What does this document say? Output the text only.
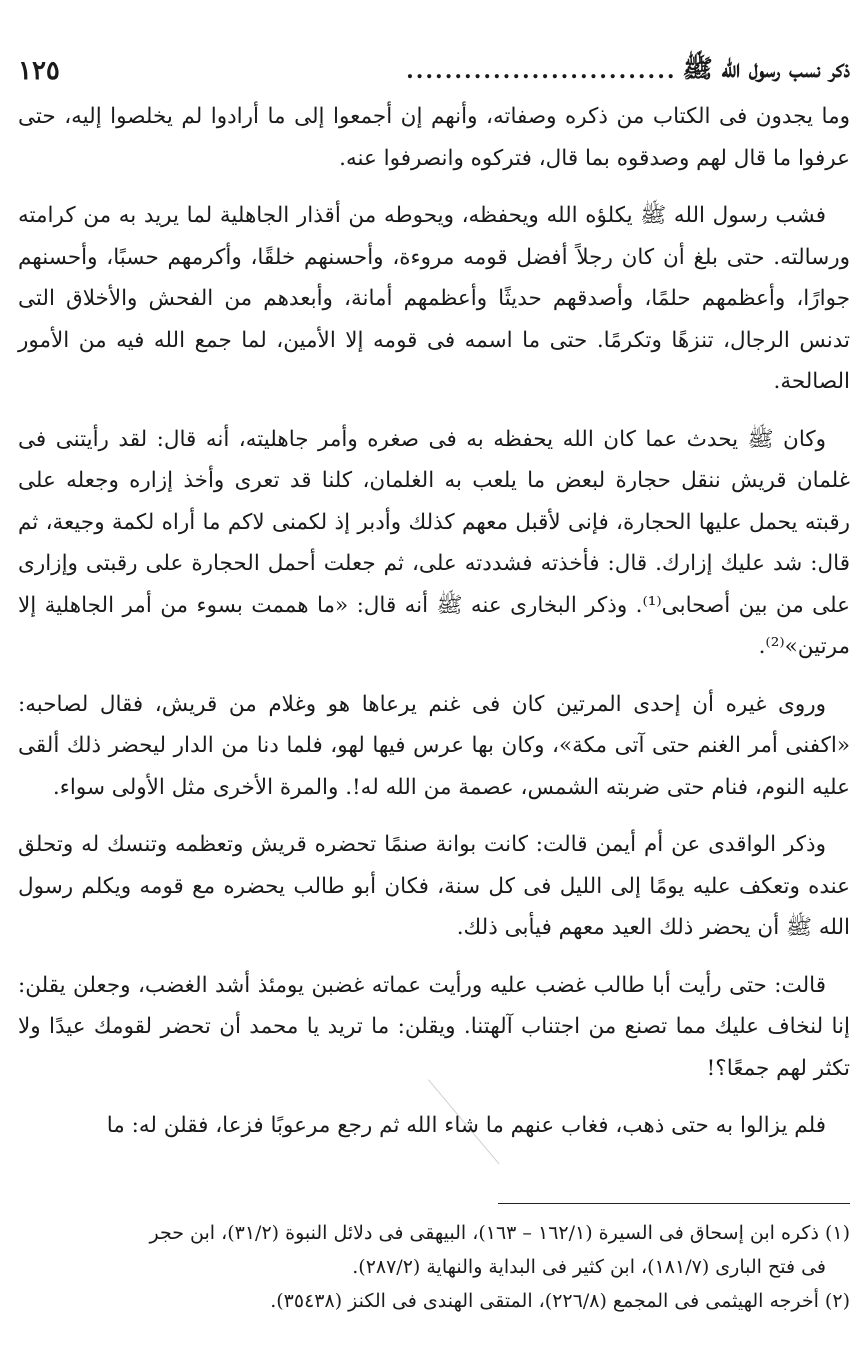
ذكر نسب رسول الله ﷺ
............................
١٢٥

وما يجدون فى الكتاب من ذكره وصفاته، وأنهم إن أجمعوا إلى ما أرادوا لم يخلصوا إليه، حتى عرفوا ما قال لهم وصدقوه بما قال، فتركوه وانصرفوا عنه.

فشب رسول الله ﷺ يكلؤه الله ويحفظه، ويحوطه من أقذار الجاهلية لما يريد به من كرامته ورسالته. حتى بلغ أن كان رجلاً أفضل قومه مروءة، وأحسنهم خلقًا، وأكرمهم حسبًا، وأحسنهم جوارًا، وأعظمهم حلمًا، وأصدقهم حديثًا وأعظمهم أمانة، وأبعدهم من الفحش والأخلاق التى تدنس الرجال، تنزهًا وتكرمًا. حتى ما اسمه فى قومه إلا الأمين، لما جمع الله فيه من الأمور الصالحة.

وكان ﷺ يحدث عما كان الله يحفظه به فى صغره وأمر جاهليته، أنه قال: لقد رأيتنى فى غلمان قريش ننقل حجارة لبعض ما يلعب به الغلمان، كلنا قد تعرى وأخذ إزاره وجعله على رقبته يحمل عليها الحجارة، فإنى لأقبل معهم كذلك وأدبر إذ لكمنى لاكم ما أراه لكمة وجيعة، ثم قال: شد عليك إزارك. قال: فأخذته فشددته على، ثم جعلت أحمل الحجارة على رقبتى وإزارى على من بين أصحابى⁽¹⁾. وذكر البخارى عنه ﷺ أنه قال: «ما هممت بسوء من أمر الجاهلية إلا مرتين»⁽²⁾.

وروى غيره أن إحدى المرتين كان فى غنم يرعاها هو وغلام من قريش، فقال لصاحبه: «اكفنى أمر الغنم حتى آتى مكة»، وكان بها عرس فيها لهو، فلما دنا من الدار ليحضر ذلك ألقى عليه النوم، فنام حتى ضربته الشمس، عصمة من الله له!. والمرة الأخرى مثل الأولى سواء.

وذكر الواقدى عن أم أيمن قالت: كانت بوانة صنمًا تحضره قريش وتعظمه وتنسك له وتحلق عنده وتعكف عليه يومًا إلى الليل فى كل سنة، فكان أبو طالب يحضره مع قومه ويكلم رسول الله ﷺ أن يحضر ذلك العيد معهم فيأبى ذلك.

قالت: حتى رأيت أبا طالب غضب عليه ورأيت عماته غضبن يومئذ أشد الغضب، وجعلن يقلن: إنا لنخاف عليك مما تصنع من اجتناب آلهتنا. ويقلن: ما تريد يا محمد أن تحضر لقومك عيدًا ولا تكثر لهم جمعًا؟!

فلم يزالوا به حتى ذهب، فغاب عنهم ما شاء الله ثم رجع مرعوبًا فزعا، فقلن له: ما

(١) ذكره ابن إسحاق فى السيرة (١٦٢/١ – ١٦٣)، البيهقى فى دلائل النبوة (٣١/٢)، ابن حجر
فى فتح البارى (١٨١/٧)، ابن كثير فى البداية والنهاية (٢٨٧/٢).

(٢) أخرجه الهيثمى فى المجمع (٢٢٦/٨)، المتقى الهندى فى الكنز (٣٥٤٣٨).
